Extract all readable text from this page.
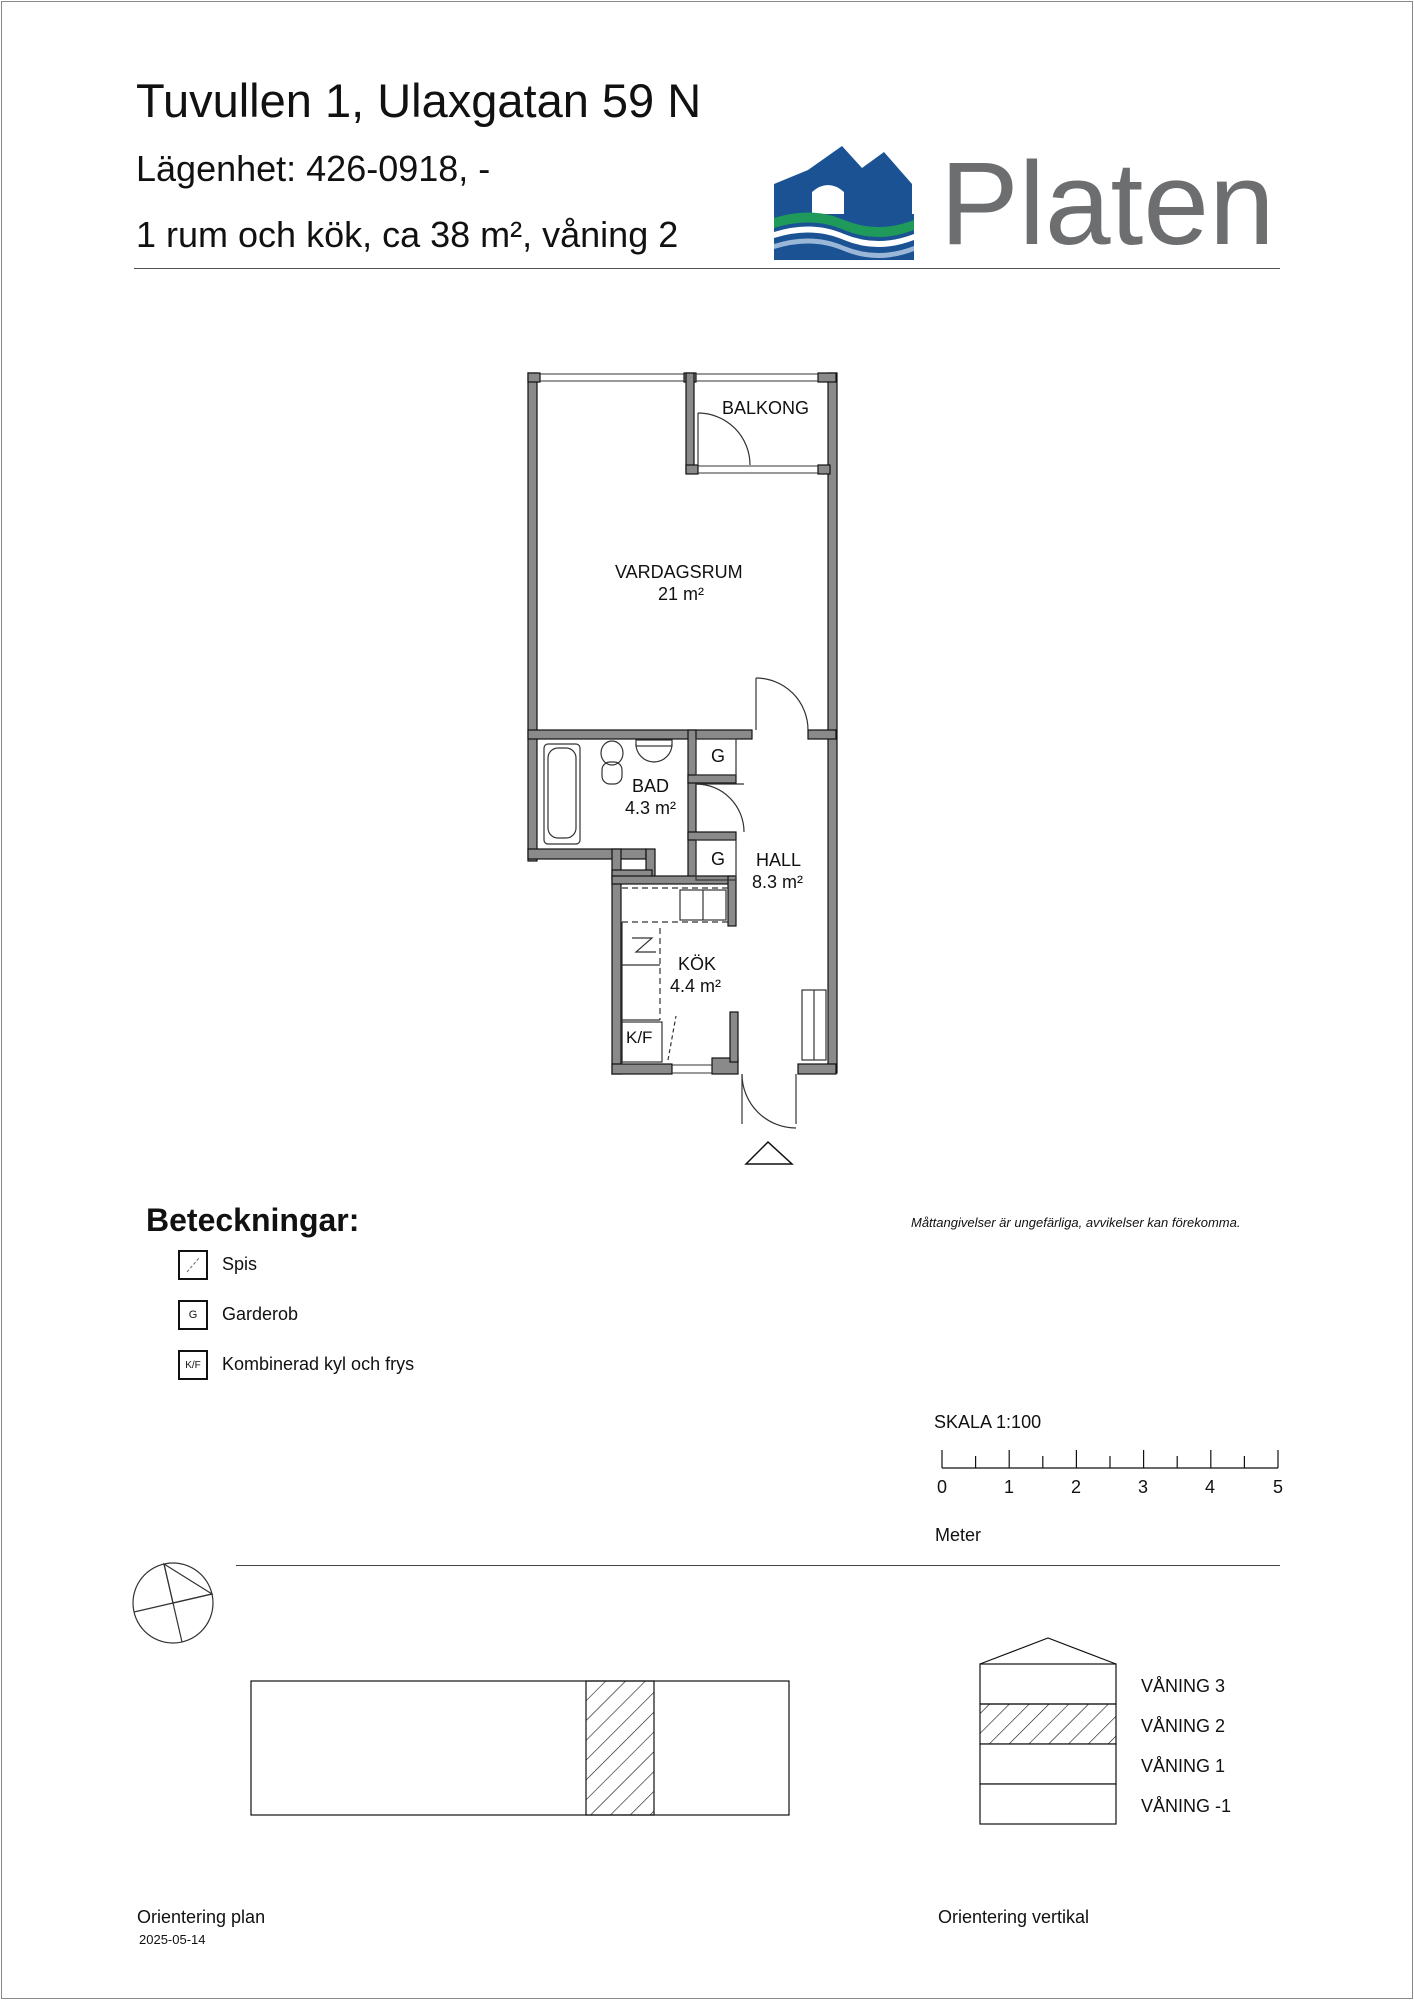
Tuvullen 1, Ulaxgatan 59 N
Lägenhet: 426-0918, -
1 rum och kök, ca 38 m², våning 2 Platen
BALKONG
VARDAGSRUM
21 m²
BAD
4.3 m²
HALL
8.3 m²
KÖK
4.4 m²
G
G
K/F
Beteckningar:
Spis
G	Garderob
K/F	Kombinerad kyl och frys
Måttangivelser är ungefärliga, avvikelser kan förekomma.
SKALA 1:100
0	1	2	3	4	5
Meter
VÅNING 3
VÅNING 2
VÅNING 1
VÅNING -1
Orientering plan
2025-05-14
Orientering vertikal
